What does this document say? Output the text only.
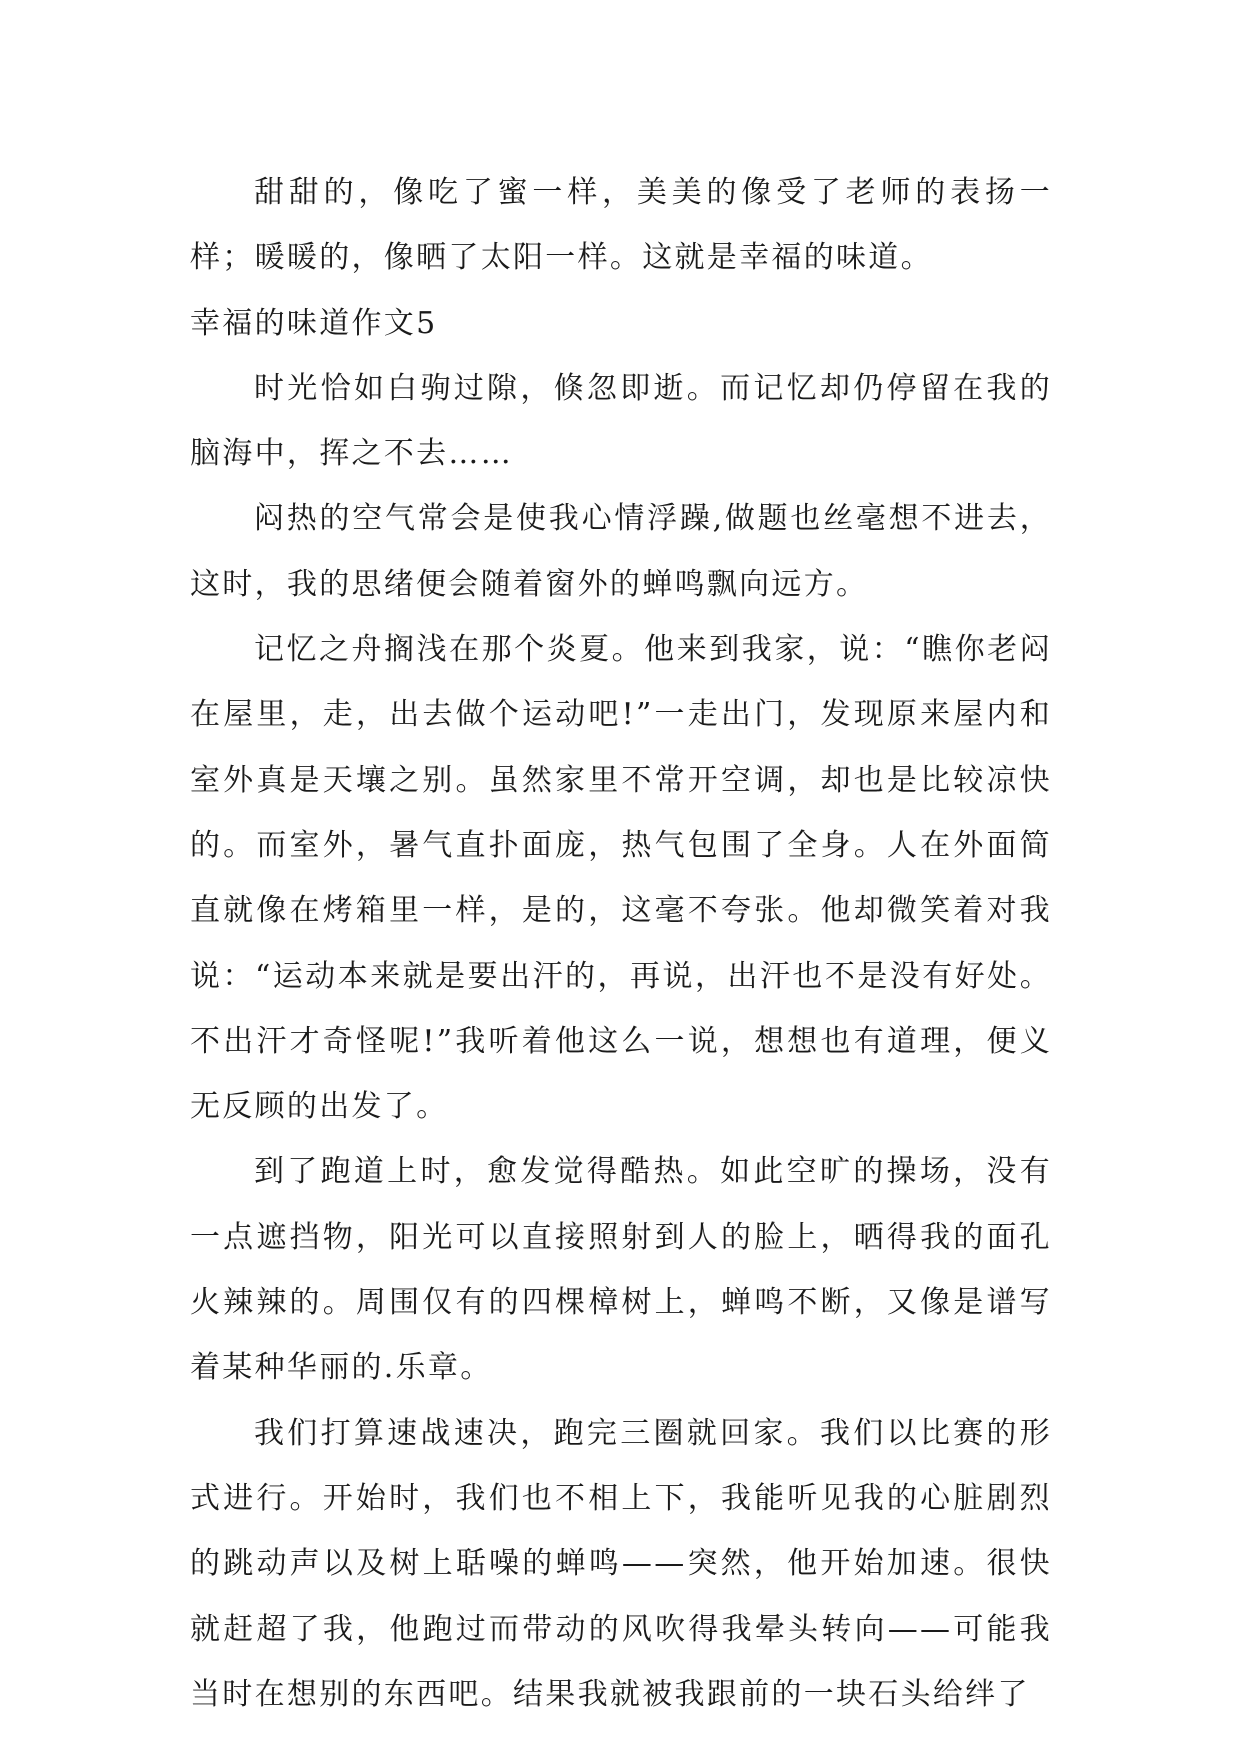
甜甜的，像吃了蜜一样，美美的像受了老师的表扬一样；暖暖的，像晒了太阳一样。这就是幸福的味道。

幸福的味道作文5

时光恰如白驹过隙，倏忽即逝。而记忆却仍停留在我的脑海中，挥之不去……

闷热的空气常会是使我心情浮躁,做题也丝毫想不进去，这时，我的思绪便会随着窗外的蝉鸣飘向远方。

记忆之舟搁浅在那个炎夏。他来到我家，说：“瞧你老闷在屋里，走，出去做个运动吧!”一走出门，发现原来屋内和室外真是天壤之别。虽然家里不常开空调，却也是比较凉快的。而室外，暑气直扑面庞，热气包围了全身。人在外面简直就像在烤箱里一样，是的，这毫不夸张。他却微笑着对我说：“运动本来就是要出汗的，再说，出汗也不是没有好处。不出汗才奇怪呢!”我听着他这么一说，想想也有道理，便义无反顾的出发了。

到了跑道上时，愈发觉得酷热。如此空旷的操场，没有一点遮挡物，阳光可以直接照射到人的脸上，晒得我的面孔火辣辣的。周围仅有的四棵樟树上，蝉鸣不断，又像是谱写着某种华丽的.乐章。

我们打算速战速决，跑完三圈就回家。我们以比赛的形式进行。开始时，我们也不相上下，我能听见我的心脏剧烈的跳动声以及树上聒噪的蝉鸣——突然，他开始加速。很快就赶超了我，他跑过而带动的风吹得我晕头转向——可能我当时在想别的东西吧。结果我就被我跟前的一块石头给绊了
